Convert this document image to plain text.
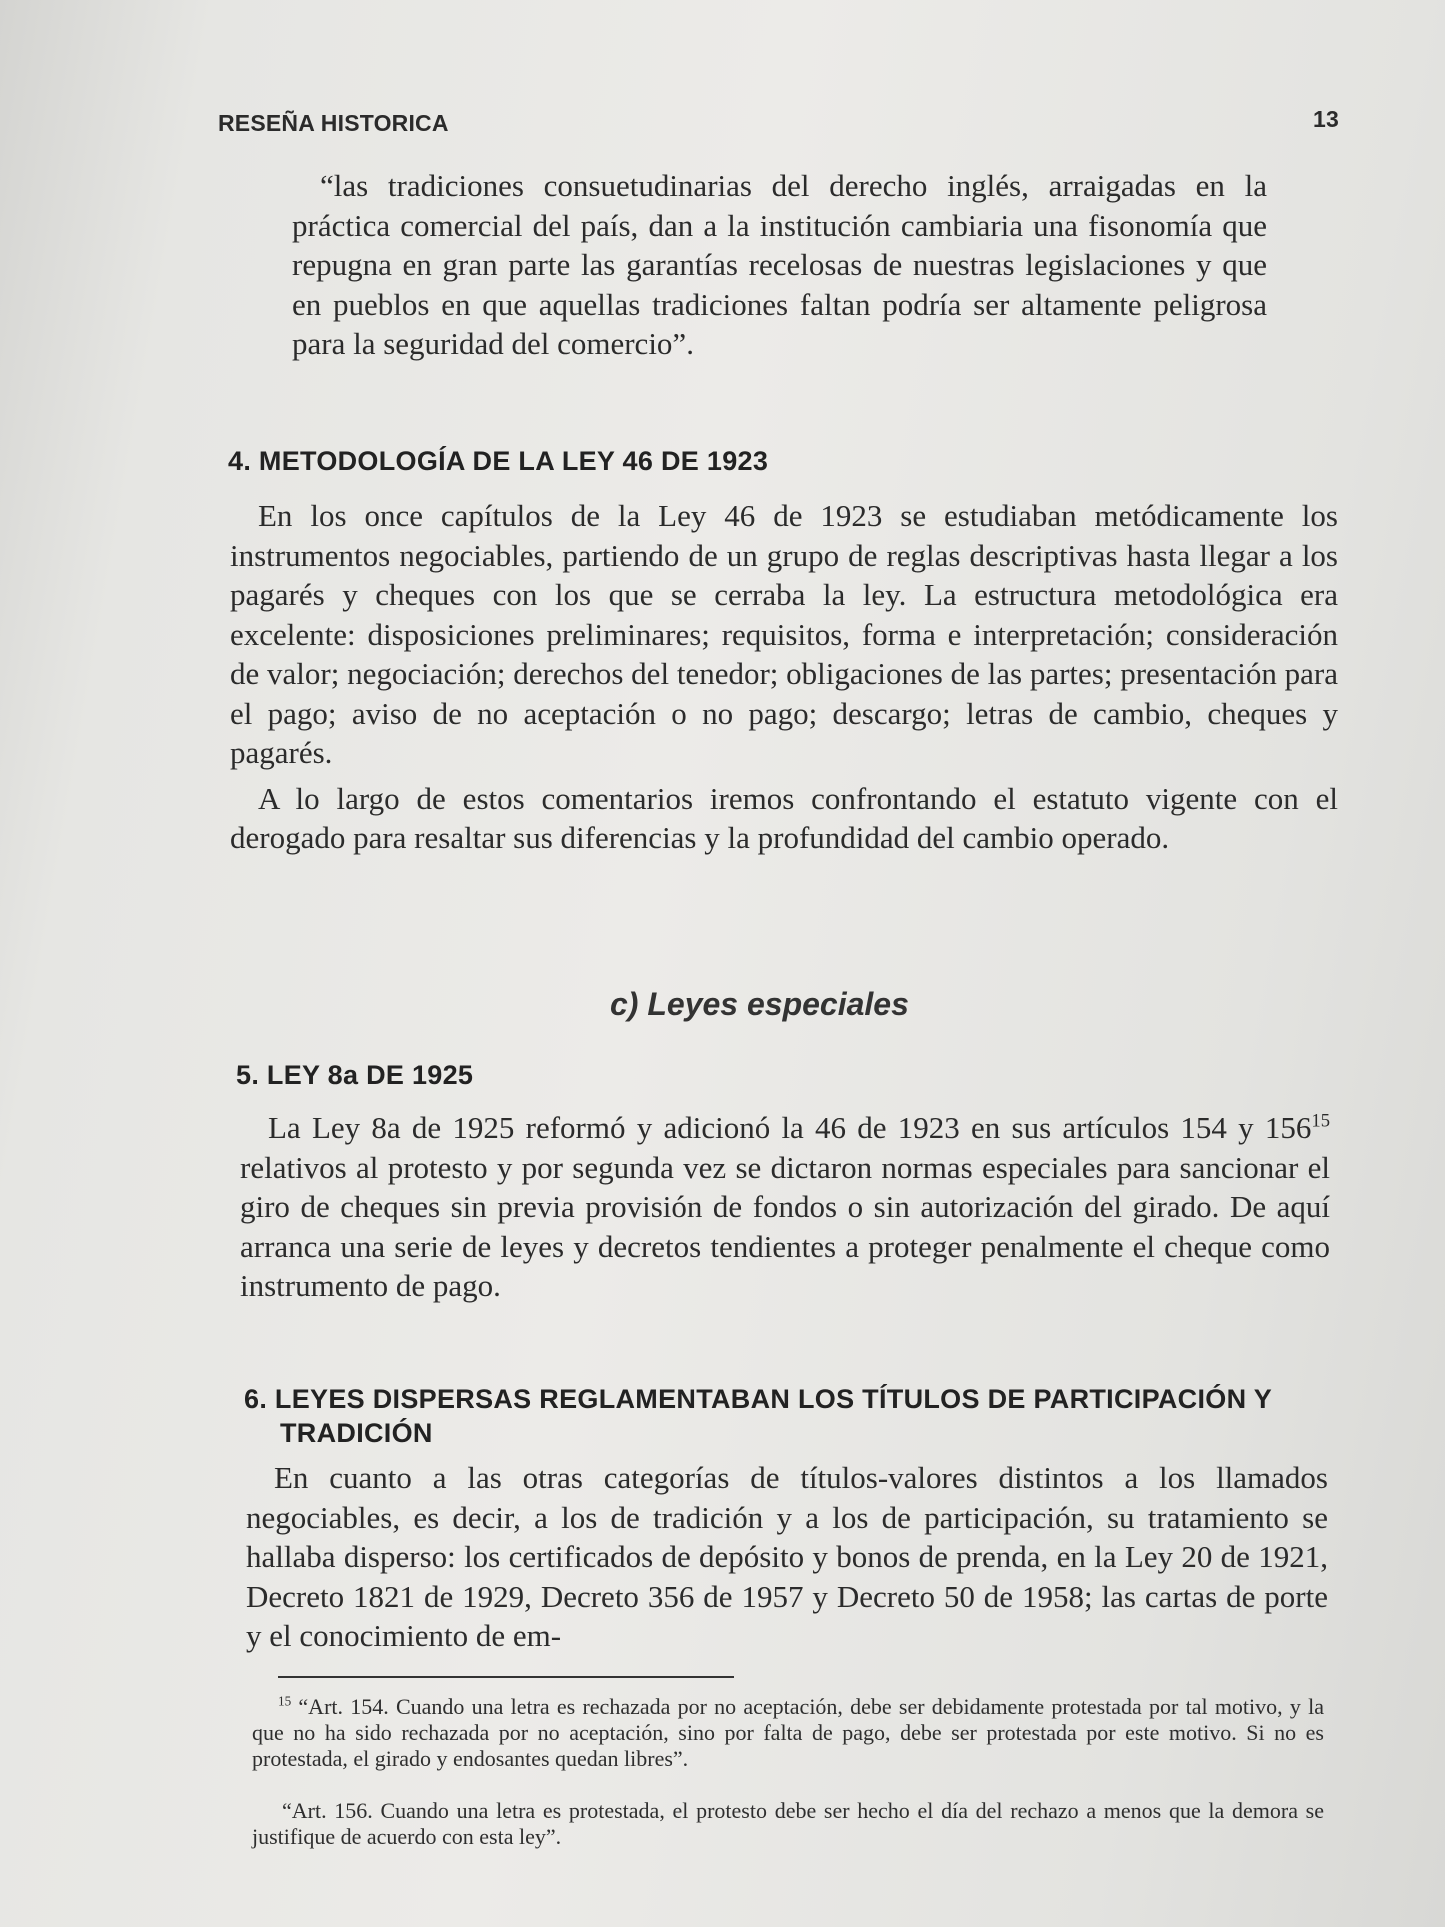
RESEÑA HISTORICA	13

“las tradiciones consuetudinarias del derecho inglés, arraigadas en la práctica comercial del país, dan a la institución cambiaria una fisonomía que repugna en gran parte las garantías recelosas de nuestras legislaciones y que en pueblos en que aquellas tradiciones faltan podría ser altamente peligrosa para la seguridad del comercio”.

4. METODOLOGÍA DE LA LEY 46 DE 1923

En los once capítulos de la Ley 46 de 1923 se estudiaban metódicamente los instrumentos negociables, partiendo de un grupo de reglas descriptivas hasta llegar a los pagarés y cheques con los que se cerraba la ley. La estructura metodológica era excelente: disposiciones preliminares; requisitos, forma e interpretación; consideración de valor; negociación; derechos del tenedor; obligaciones de las partes; presentación para el pago; aviso de no aceptación o no pago; descargo; letras de cambio, cheques y pagarés.

A lo largo de estos comentarios iremos confrontando el estatuto vigente con el derogado para resaltar sus diferencias y la profundidad del cambio operado.

c) Leyes especiales
5. LEY 8a DE 1925

La Ley 8a de 1925 reformó y adicionó la 46 de 1923 en sus artículos 154 y $156^{15}$ relativos al protesto y por segunda vez se dictaron normas especiales para sancionar el giro de cheques sin previa provisión de fondos o sin autorización del girado. De aquí arranca una serie de leyes y decretos tendientes a proteger penalmente el cheque como instrumento de pago.

6. LEYES DISPERSAS REGLAMENTABAN LOS TÍTULOS DE PARTICIPACIÓN Y
TRADICIÓN

En cuanto a las otras categorías de títulos-valores distintos a los llamados negociables, es decir, a los de tradición y a los de participación, su tratamiento se hallaba disperso: los certificados de depósito y bonos de prenda, en la Ley 20 de 1921, Decreto 1821 de 1929, Decreto 356 de 1957 y Decreto 50 de 1958; las cartas de porte y el conocimiento de em-

$^{15}$ “Art. 154. Cuando una letra es rechazada por no aceptación, debe ser debidamente protestada por tal motivo, y la que no ha sido rechazada por no aceptación, sino por falta de pago, debe ser protestada por este motivo. Si no es protestada, el girado y endosantes quedan libres”.
“Art. 156. Cuando una letra es protestada, el protesto debe ser hecho el día del rechazo a menos que la demora se justifique de acuerdo con esta ley”.
